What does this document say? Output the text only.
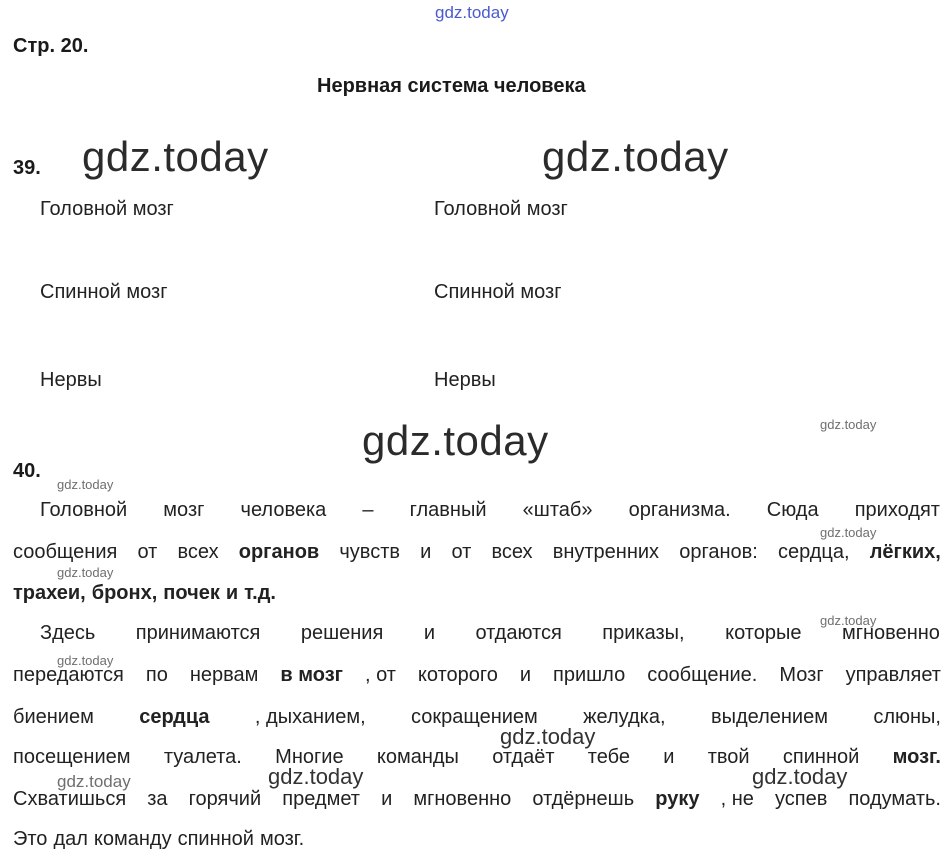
gdz.today
gdz.today	gdz.today
gdz.today	gdz.today
gdz.today
gdz.today
gdz.today
gdz.today
gdz.today
gdz.today
gdz.today	gdz.today
gdz.today
Стр. 20.
Нервная система человека
39.
Головной мозг
Спинной мозг
Нервы
Головной мозг
Спинной мозг
Нервы
40.
Головной мозг человека – главный «штаб» организма. Сюда приходят
сообщения от всех органов чувств и от всех внутренних органов: сердца, лёгких,
трахеи, бронх, почек и т.д.
Здесь принимаются решения и отдаются приказы, которые мгновенно
передаются по нервам в мозг , от которого и пришло сообщение. Мозг управляет
биением сердца , дыханием, сокращением желудка, выделением слюны,
посещением туалета. Многие команды отдаёт тебе и твой спинной мозг.
Схватишься за горячий предмет и мгновенно отдёрнешь руку , не успев подумать.
Это дал команду спинной мозг.
